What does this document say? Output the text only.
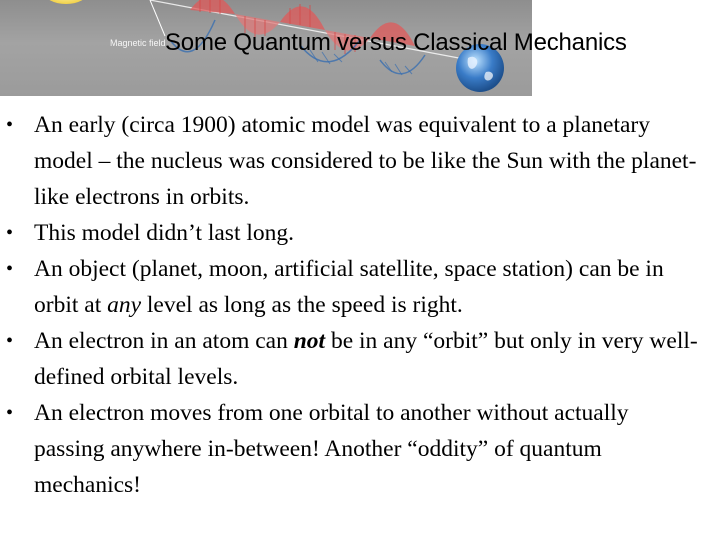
Magnetic field Some Quantum versus Classical Mechanics
• An early (circa 1900) atomic model was equivalent to a planetary model – the nucleus was considered to be like the Sun with the planet-like electrons in orbits.
• This model didn’t last long.
• An object (planet, moon, artificial satellite, space station) can be in orbit at any level as long as the speed is right.
• An electron in an atom can not be in any “orbit” but only in very well-defined orbital levels.
• An electron moves from one orbital to another without actually passing anywhere in-between! Another “oddity” of quantum mechanics!
